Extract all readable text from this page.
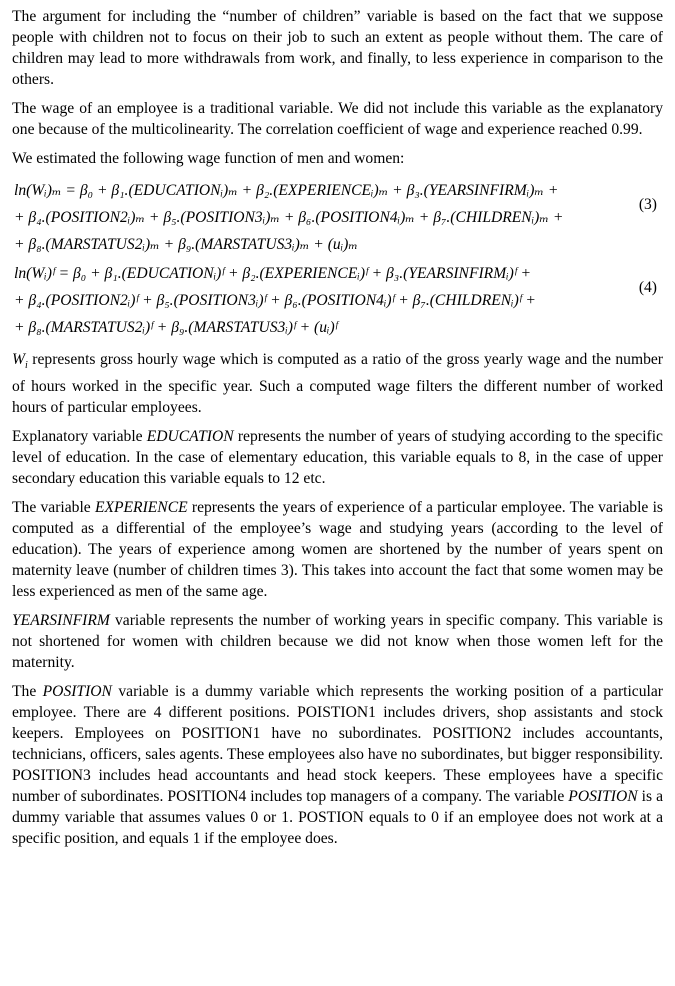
The argument for including the “number of children” variable is based on the fact that we suppose people with children not to focus on their job to such an extent as people without them. The care of children may lead to more withdrawals from work, and finally, to less experience in comparison to the others.

The wage of an employee is a traditional variable. We did not include this variable as the explanatory one because of the multicolinearity. The correlation coefficient of wage and experience reached 0.99.

We estimated the following wage function of men and women:

ln(Wᵢ)ₘ = β₀ + β₁.(EDUCATIONᵢ)ₘ + β₂.(EXPERIENCEᵢ)ₘ + β₃.(YEARSINFIRMᵢ)ₘ +
(3)
+ β₄.(POSITION2ᵢ)ₘ + β₅.(POSITION3ᵢ)ₘ + β₆.(POSITION4ᵢ)ₘ + β₇.(CHILDRENᵢ)ₘ +
+ β₈.(MARSTATUS2ᵢ)ₘ + β₉.(MARSTATUS3ᵢ)ₘ + (uᵢ)ₘ
ln(Wᵢ)ᶠ = β₀ + β₁.(EDUCATIONᵢ)ᶠ + β₂.(EXPERIENCEᵢ)ᶠ + β₃.(YEARSINFIRMᵢ)ᶠ +
(4)
+ β₄.(POSITION2ᵢ)ᶠ + β₅.(POSITION3ᵢ)ᶠ + β₆.(POSITION4ᵢ)ᶠ + β₇.(CHILDRENᵢ)ᶠ +
+ β₈.(MARSTATUS2ᵢ)ᶠ + β₉.(MARSTATUS3ᵢ)ᶠ + (uᵢ)ᶠ

$W_i$ represents gross hourly wage which is computed as a ratio of the gross yearly wage and the number of hours worked in the specific year. Such a computed wage filters the different number of worked hours of particular employees.

Explanatory variable EDUCATION represents the number of years of studying according to the specific level of education. In the case of elementary education, this variable equals to 8, in the case of upper secondary education this variable equals to 12 etc.

The variable EXPERIENCE represents the years of experience of a particular employee. The variable is computed as a differential of the employee’s wage and studying years (according to the level of education). The years of experience among women are shortened by the number of years spent on maternity leave (number of children times 3). This takes into account the fact that some women may be less experienced as men of the same age.

YEARSINFIRM variable represents the number of working years in specific company. This variable is not shortened for women with children because we did not know when those women left for the maternity.

The POSITION variable is a dummy variable which represents the working position of a particular employee. There are 4 different positions. POISTION1 includes drivers, shop assistants and stock keepers. Employees on POSITION1 have no subordinates. POSITION2 includes accountants, technicians, officers, sales agents. These employees also have no subordinates, but bigger responsibility. POSITION3 includes head accountants and head stock keepers. These employees have a specific number of subordinates. POSITION4 includes top managers of a company. The variable POSITION is a dummy variable that assumes values 0 or 1. POSTION equals to 0 if an employee does not work at a specific position, and equals 1 if the employee does.
